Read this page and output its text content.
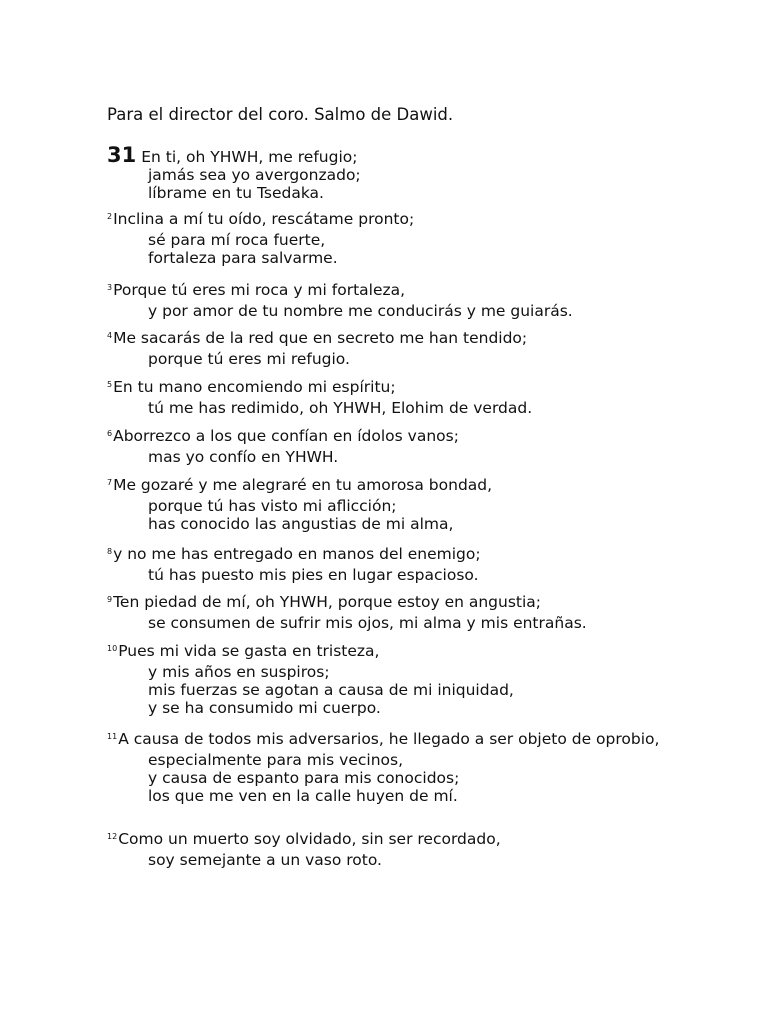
Para el director del coro. Salmo de Dawid.
31 En ti, oh YHWH, me refugio;
jamás sea yo avergonzado;
líbrame en tu Tsedaka.
$^2$Inclina a mí tu oído, rescátame pronto;
sé para mí roca fuerte,
fortaleza para salvarme.
$^3$Porque tú eres mi roca y mi fortaleza,
y por amor de tu nombre me conducirás y me guiarás.
$^4$Me sacarás de la red que en secreto me han tendido;
porque tú eres mi refugio.
$^5$En tu mano encomiendo mi espíritu;
tú me has redimido, oh YHWH, Elohim de verdad.
$^6$Aborrezco a los que confían en ídolos vanos;
mas yo confío en YHWH.
$^7$Me gozaré y me alegraré en tu amorosa bondad,
porque tú has visto mi aflicción;
has conocido las angustias de mi alma,
$^8$y no me has entregado en manos del enemigo;
tú has puesto mis pies en lugar espacioso.
$^9$Ten piedad de mí, oh YHWH, porque estoy en angustia;
se consumen de sufrir mis ojos, mi alma y mis entrañas.
$^{10}$Pues mi vida se gasta en tristeza,
y mis años en suspiros;
mis fuerzas se agotan a causa de mi iniquidad,
y se ha consumido mi cuerpo.
$^{11}$A causa de todos mis adversarios, he llegado a ser objeto de oprobio,
especialmente para mis vecinos,
y causa de espanto para mis conocidos;
los que me ven en la calle huyen de mí.
$^{12}$Como un muerto soy olvidado, sin ser recordado,
soy semejante a un vaso roto.
